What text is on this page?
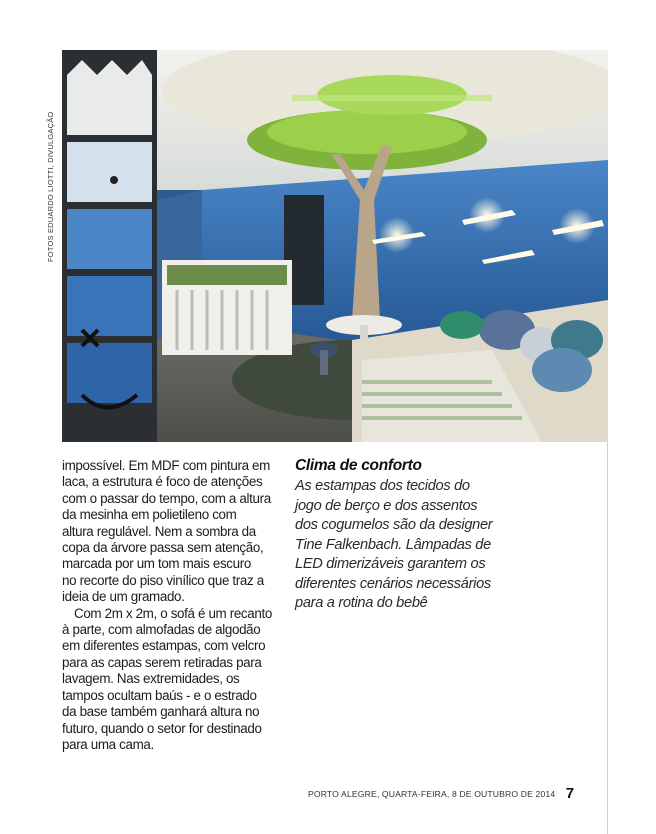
FOTOS EDUARDO LIOTTI, DIVULGAÇÃO
impossível. Em MDF com pintura em
laca, a estrutura é foco de atenções
com o passar do tempo, com a altura
da mesinha em polietileno com
altura regulável. Nem a sombra da
copa da árvore passa sem atenção,
marcada por um tom mais escuro
no recorte do piso vinílico que traz a
ideia de um gramado.
Com 2m x 2m, o sofá é um recanto
à parte, com almofadas de algodão
em diferentes estampas, com velcro
para as capas serem retiradas para
lavagem. Nas extremidades, os
tampos ocultam baús - e o estrado
da base também ganhará altura no
futuro, quando o setor for destinado
para uma cama.
Clima de conforto
As estampas dos tecidos do
jogo de berço e dos assentos
dos cogumelos são da designer
Tine Falkenbach. Lâmpadas de
LED dimerizáveis garantem os
diferentes cenários necessários
para a rotina do bebê
PORTO ALEGRE, QUARTA-FEIRA, 8 DE OUTUBRO DE 2014 7
